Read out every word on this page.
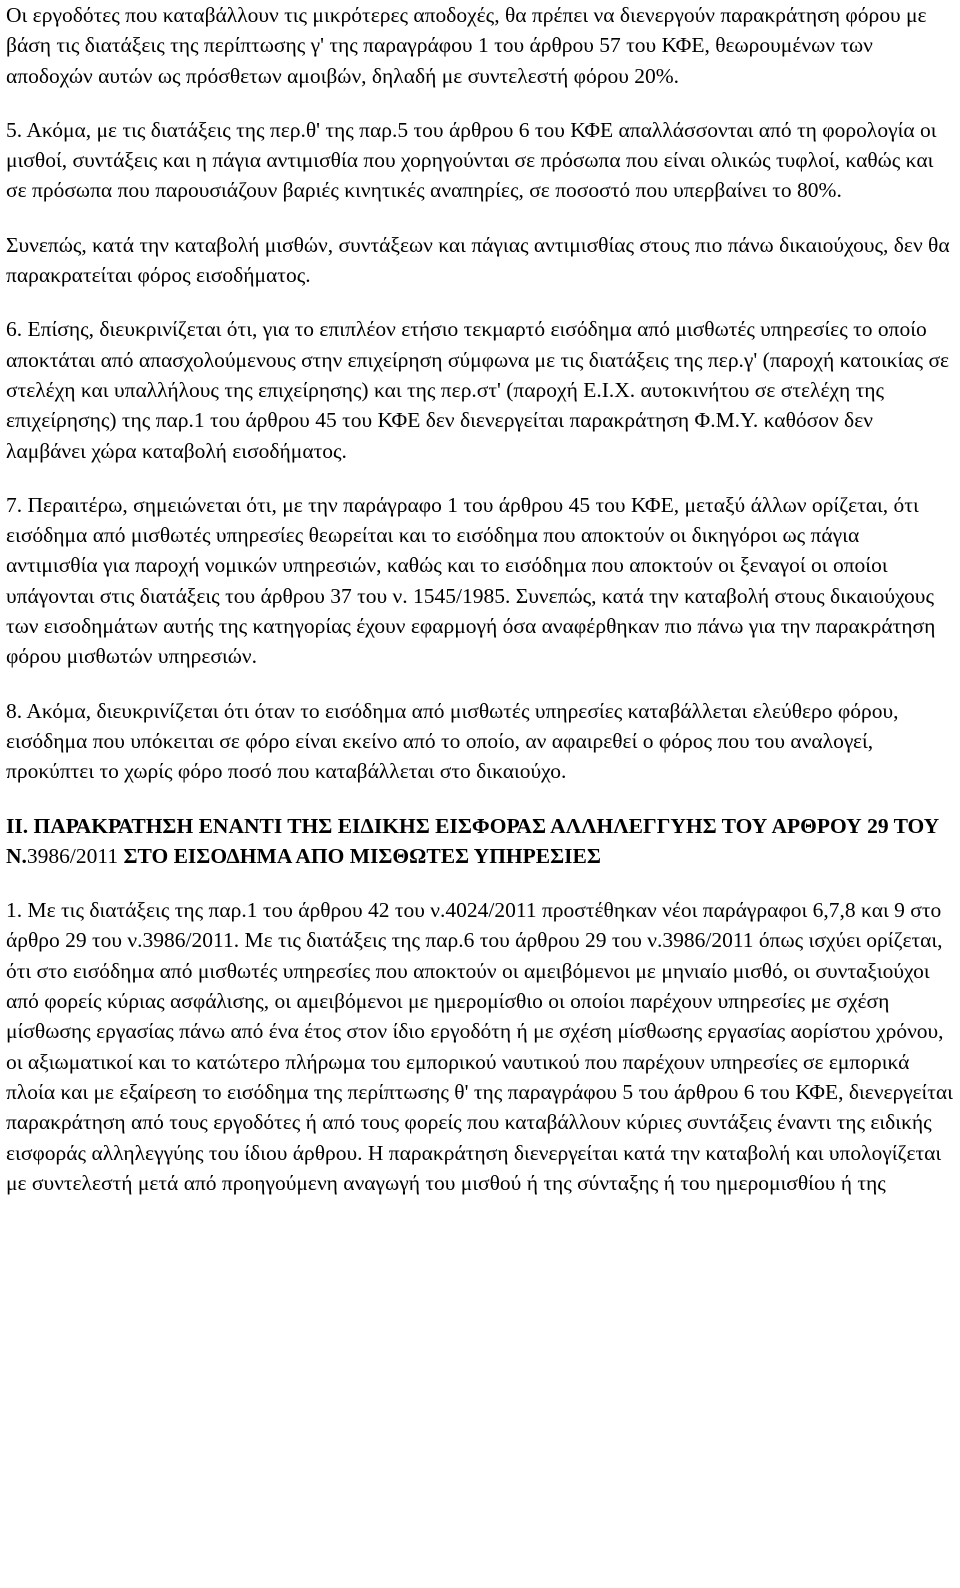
Οι εργοδότες που καταβάλλουν τις μικρότερες αποδοχές, θα πρέπει να διενεργούν παρακράτηση φόρου με βάση τις διατάξεις της περίπτωσης γ' της παραγράφου 1 του άρθρου 57 του ΚΦΕ, θεωρουμένων των αποδοχών αυτών ως πρόσθετων αμοιβών, δηλαδή με συντελεστή φόρου 20%.

5. Ακόμα, με τις διατάξεις της περ.θ' της παρ.5 του άρθρου 6 του ΚΦΕ απαλλάσσονται από τη φορολογία οι μισθοί, συντάξεις και η πάγια αντιμισθία που χορηγούνται σε πρόσωπα που είναι ολικώς τυφλοί, καθώς και σε πρόσωπα που παρουσιάζουν βαριές κινητικές αναπηρίες, σε ποσοστό που υπερβαίνει το 80%.

Συνεπώς, κατά την καταβολή μισθών, συντάξεων και πάγιας αντιμισθίας στους πιο πάνω δικαιούχους, δεν θα παρακρατείται φόρος εισοδήματος.

6. Επίσης, διευκρινίζεται ότι, για το επιπλέον ετήσιο τεκμαρτό εισόδημα από μισθωτές υπηρεσίες το οποίο αποκτάται από απασχολούμενους στην επιχείρηση σύμφωνα με τις διατάξεις της περ.γ' (παροχή κατοικίας σε στελέχη και υπαλλήλους της επιχείρησης) και της περ.στ' (παροχή Ε.Ι.Χ. αυτοκινήτου σε στελέχη της επιχείρησης) της παρ.1 του άρθρου 45 του ΚΦΕ δεν διενεργείται παρακράτηση Φ.Μ.Υ. καθόσον δεν λαμβάνει χώρα καταβολή εισοδήματος.

7. Περαιτέρω, σημειώνεται ότι, με την παράγραφο 1 του άρθρου 45 του ΚΦΕ, μεταξύ άλλων ορίζεται, ότι εισόδημα από μισθωτές υπηρεσίες θεωρείται και το εισόδημα που αποκτούν οι δικηγόροι ως πάγια αντιμισθία για παροχή νομικών υπηρεσιών, καθώς και το εισόδημα που αποκτούν οι ξεναγοί οι οποίοι υπάγονται στις διατάξεις του άρθρου 37 του ν. 1545/1985. Συνεπώς, κατά την καταβολή στους δικαιούχους των εισοδημάτων αυτής της κατηγορίας έχουν εφαρμογή όσα αναφέρθηκαν πιο πάνω για την παρακράτηση φόρου μισθωτών υπηρεσιών.

8. Ακόμα, διευκρινίζεται ότι όταν το εισόδημα από μισθωτές υπηρεσίες καταβάλλεται ελεύθερο φόρου, εισόδημα που υπόκειται σε φόρο είναι εκείνο από το οποίο, αν αφαιρεθεί ο φόρος που του αναλογεί, προκύπτει το χωρίς φόρο ποσό που καταβάλλεται στο δικαιούχο.

ΙΙ. ΠΑΡΑΚΡΑΤΗΣΗ ΕΝΑΝΤΙ ΤΗΣ ΕΙΔΙΚΗΣ ΕΙΣΦΟΡΑΣ ΑΛΛΗΛΕΓΓΥΗΣ ΤΟΥ ΑΡΘΡΟΥ 29 ΤΟΥ Ν.3986/2011 ΣΤΟ ΕΙΣΟΔΗΜΑ ΑΠΟ ΜΙΣΘΩΤΕΣ ΥΠΗΡΕΣΙΕΣ

1. Με τις διατάξεις της παρ.1 του άρθρου 42 του ν.4024/2011 προστέθηκαν νέοι παράγραφοι 6,7,8 και 9 στο άρθρο 29 του ν.3986/2011. Με τις διατάξεις της παρ.6 του άρθρου 29 του ν.3986/2011 όπως ισχύει ορίζεται, ότι στο εισόδημα από μισθωτές υπηρεσίες που αποκτούν οι αμειβόμενοι με μηνιαίο μισθό, οι συνταξιούχοι από φορείς κύριας ασφάλισης, οι αμειβόμενοι με ημερομίσθιο οι οποίοι παρέχουν υπηρεσίες με σχέση μίσθωσης εργασίας πάνω από ένα έτος στον ίδιο εργοδότη ή με σχέση μίσθωσης εργασίας αορίστου χρόνου, οι αξιωματικοί και το κατώτερο πλήρωμα του εμπορικού ναυτικού που παρέχουν υπηρεσίες σε εμπορικά πλοία και με εξαίρεση το εισόδημα της περίπτωσης θ' της παραγράφου 5 του άρθρου 6 του ΚΦΕ, διενεργείται παρακράτηση από τους εργοδότες ή από τους φορείς που καταβάλλουν κύριες συντάξεις έναντι της ειδικής εισφοράς αλληλεγγύης του ίδιου άρθρου. Η παρακράτηση διενεργείται κατά την καταβολή και υπολογίζεται με συντελεστή μετά από προηγούμενη αναγωγή του μισθού ή της σύνταξης ή του ημερομισθίου ή της
